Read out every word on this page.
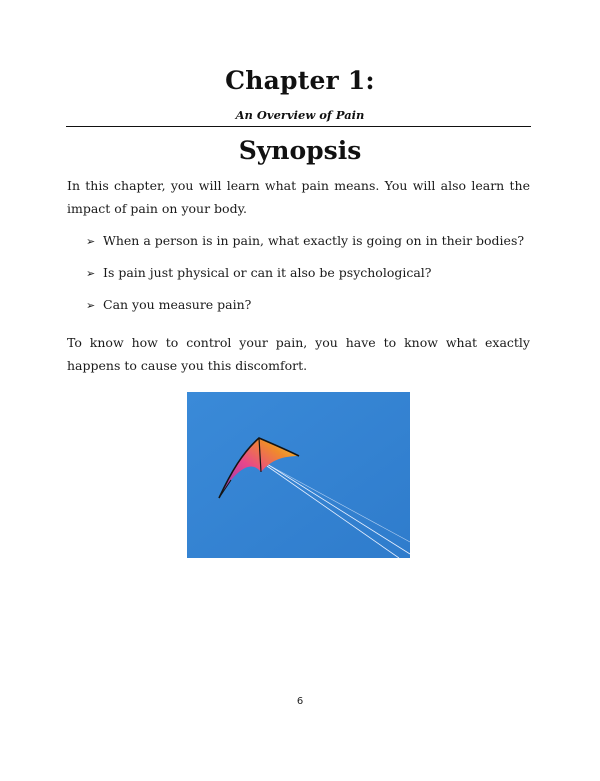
Chapter 1:
An Overview of Pain
Synopsis

In this chapter, you will learn what pain means. You will also learn the impact of pain on your body.

➢ When a person is in pain, what exactly is going on in their bodies?
➢ Is pain just physical or can it also be psychological?
➢ Can you measure pain?

To know how to control your pain, you have to know what exactly happens to cause you this discomfort.

6
